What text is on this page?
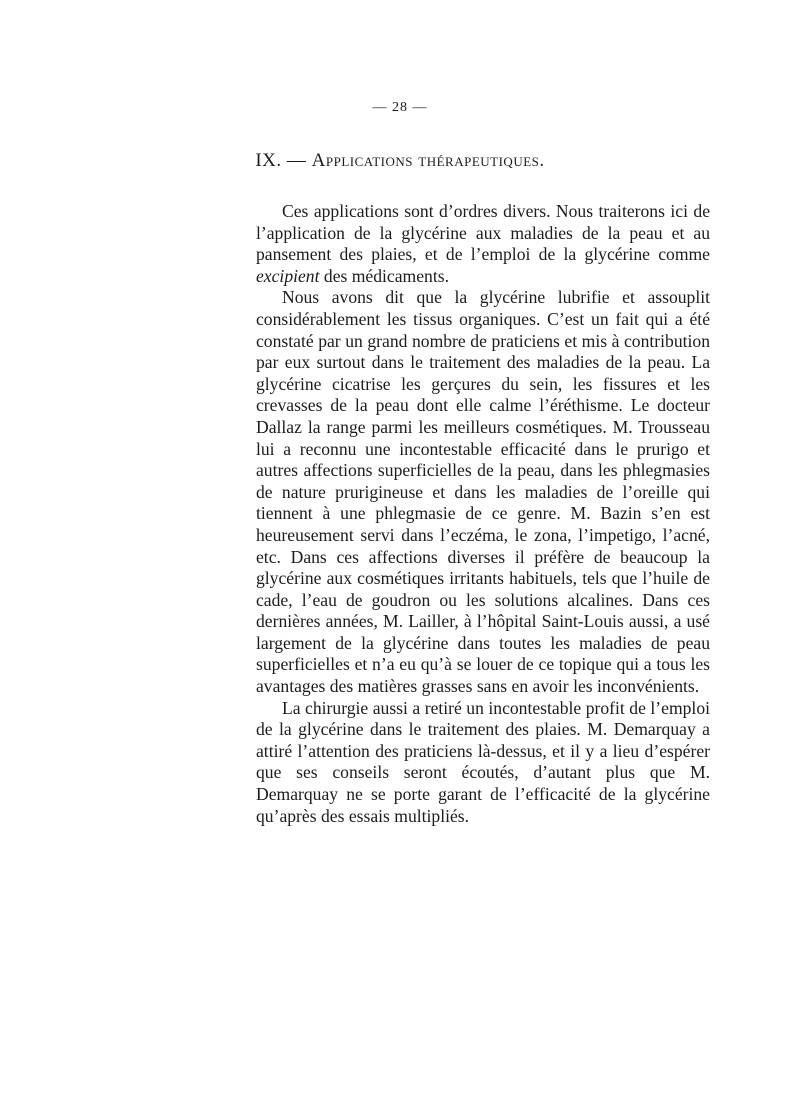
— 28 —
IX. — Applications thérapeutiques.

Ces applications sont d’ordres divers. Nous traiterons ici de l’application de la glycérine aux maladies de la peau et au pansement des plaies, et de l’emploi de la glycérine comme excipient des médicaments.

Nous avons dit que la glycérine lubrifie et assouplit considérablement les tissus organiques. C’est un fait qui a été constaté par un grand nombre de praticiens et mis à contribution par eux surtout dans le traitement des maladies de la peau. La glycérine cicatrise les gerçures du sein, les fissures et les crevasses de la peau dont elle calme l’éréthisme. Le docteur Dallaz la range parmi les meilleurs cosmétiques. M. Trousseau lui a reconnu une incontestable efficacité dans le prurigo et autres affections superficielles de la peau, dans les phlegmasies de nature prurigineuse et dans les maladies de l’oreille qui tiennent à une phlegmasie de ce genre. M. Bazin s’en est heureusement servi dans l’eczéma, le zona, l’impetigo, l’acné, etc. Dans ces affections diverses il préfère de beaucoup la glycérine aux cosmétiques irritants habituels, tels que l’huile de cade, l’eau de goudron ou les solutions alcalines. Dans ces dernières années, M. Lailler, à l’hôpital Saint-Louis aussi, a usé largement de la glycérine dans toutes les maladies de peau superficielles et n’a eu qu’à se louer de ce topique qui a tous les avantages des matières grasses sans en avoir les inconvénients.

La chirurgie aussi a retiré un incontestable profit de l’emploi de la glycérine dans le traitement des plaies. M. Demarquay a attiré l’attention des praticiens là-dessus, et il y a lieu d’espérer que ses conseils seront écoutés, d’autant plus que M. Demarquay ne se porte garant de l’efficacité de la glycérine qu’après des essais multipliés.
